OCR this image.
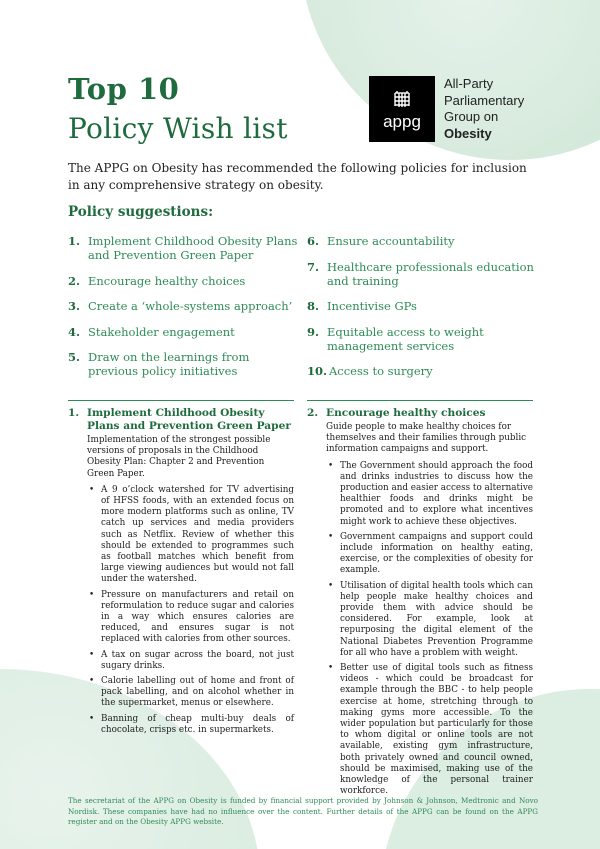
Top 10
Policy Wish list	appg
All-Party
Parliamentary
Group on
Obesity
The APPG on Obesity has recommended the following policies for inclusion in any comprehensive strategy on obesity.
Policy suggestions:
1. Implement Childhood Obesity Plans and Prevention Green Paper
2. Encourage healthy choices
3. Create a ‘whole-systems approach’
4. Stakeholder engagement
5. Draw on the learnings from previous policy initiatives
6. Ensure accountability
7. Healthcare professionals education and training
8. Incentivise GPs
9. Equitable access to weight management services
10. Access to surgery
1. Implement Childhood Obesity Plans and Prevention Green Paper
Implementation of the strongest possible versions of proposals in the Childhood Obesity Plan: Chapter 2 and Prevention Green Paper.
• A 9 o’clock watershed for TV advertising of HFSS foods, with an extended focus on more modern platforms such as online, TV catch up services and media providers such as Netflix. Review of whether this should be extended to programmes such as football matches which benefit from large viewing audiences but would not fall under the watershed.
• Pressure on manufacturers and retail on reformulation to reduce sugar and calories in a way which ensures calories are reduced, and ensures sugar is not replaced with calories from other sources.
• A tax on sugar across the board, not just sugary drinks.
• Calorie labelling out of home and front of pack labelling, and on alcohol whether in the supermarket, menus or elsewhere.
• Banning of cheap multi-buy deals of chocolate, crisps etc. in supermarkets.
2. Encourage healthy choices
Guide people to make healthy choices for themselves and their families through public information campaigns and support.
• The Government should approach the food and drinks industries to discuss how the production and easier access to alternative healthier foods and drinks might be promoted and to explore what incentives might work to achieve these objectives.
• Government campaigns and support could include information on healthy eating, exercise, or the complexities of obesity for example.
• Utilisation of digital health tools which can help people make healthy choices and provide them with advice should be considered. For example, look at repurposing the digital element of the National Diabetes Prevention Programme for all who have a problem with weight.
• Better use of digital tools such as fitness videos - which could be broadcast for example through the BBC - to help people exercise at home, stretching through to making gyms more accessible. To the wider population but particularly for those to whom digital or online tools are not available, existing gym infrastructure, both privately owned and council owned, should be maximised, making use of the knowledge of the personal trainer workforce.
The secretariat of the APPG on Obesity is funded by financial support provided by Johnson & Johnson, Medtronic and Novo Nordisk. These companies have had no influence over the content. Further details of the APPG can be found on the APPG register and on the Obesity APPG website.
